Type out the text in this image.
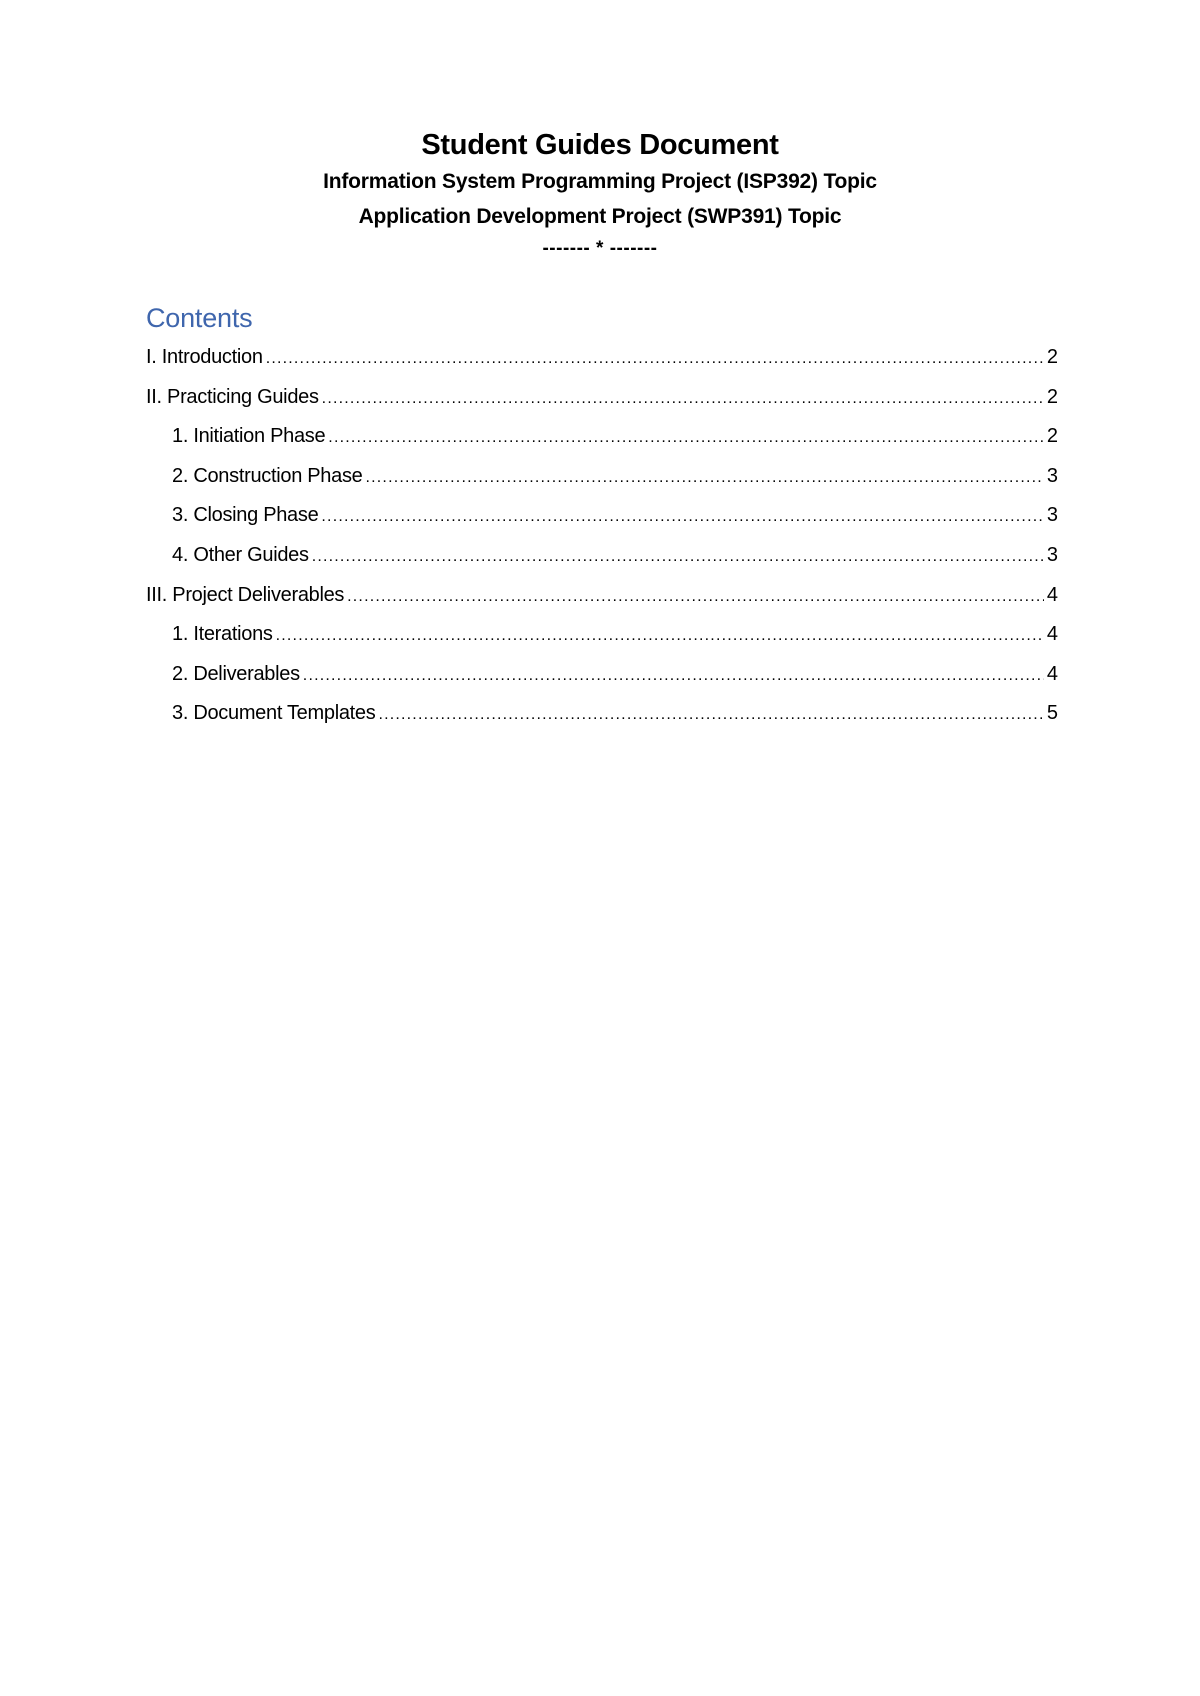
Student Guides Document

Information System Programming Project (ISP392) Topic

Application Development Project (SWP391) Topic

------- * -------

Contents

I. Introduction .....	2
II. Practicing Guides .....	2
1. Initiation Phase .....	2
2. Construction Phase .....	3
3. Closing Phase .....	3
4. Other Guides .....	3
III. Project Deliverables .....	4
1. Iterations .....	4
2. Deliverables .....	4
3. Document Templates .....	5
